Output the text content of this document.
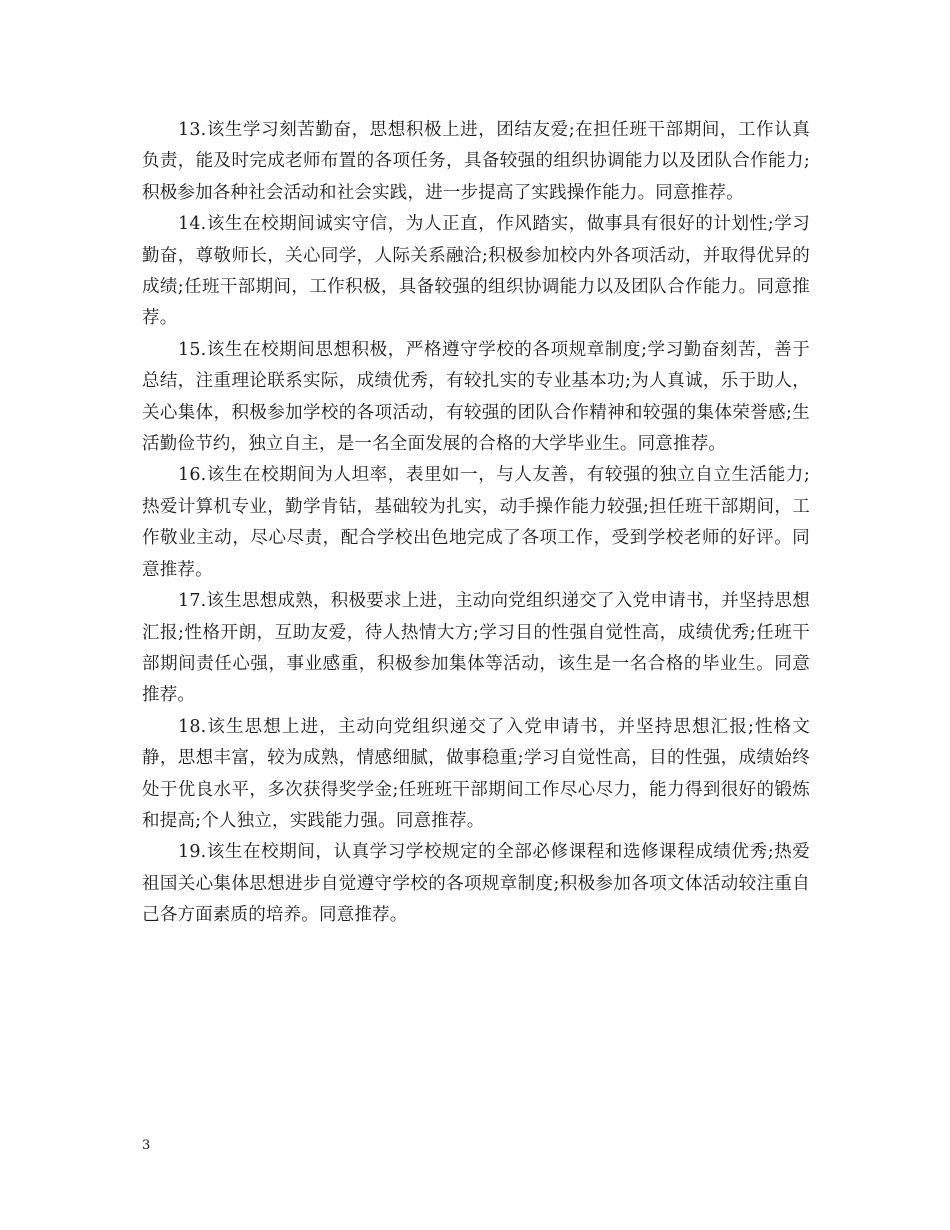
13.该生学习刻苦勤奋，思想积极上进，团结友爱;在担任班干部期间，工作认真负责，能及时完成老师布置的各项任务，具备较强的组织协调能力以及团队合作能力;积极参加各种社会活动和社会实践，进一步提高了实践操作能力。同意推荐。

14.该生在校期间诚实守信，为人正直，作风踏实，做事具有很好的计划性;学习勤奋，尊敬师长，关心同学，人际关系融洽;积极参加校内外各项活动，并取得优异的成绩;任班干部期间，工作积极，具备较强的组织协调能力以及团队合作能力。同意推荐。

15.该生在校期间思想积极，严格遵守学校的各项规章制度;学习勤奋刻苦，善于总结，注重理论联系实际，成绩优秀，有较扎实的专业基本功;为人真诚，乐于助人，关心集体，积极参加学校的各项活动，有较强的团队合作精神和较强的集体荣誉感;生活勤俭节约，独立自主，是一名全面发展的合格的大学毕业生。同意推荐。

16.该生在校期间为人坦率，表里如一，与人友善，有较强的独立自立生活能力;热爱计算机专业，勤学肯钻，基础较为扎实，动手操作能力较强;担任班干部期间，工作敬业主动，尽心尽责，配合学校出色地完成了各项工作，受到学校老师的好评。同意推荐。

17.该生思想成熟，积极要求上进，主动向党组织递交了入党申请书，并坚持思想汇报;性格开朗，互助友爱，待人热情大方;学习目的性强自觉性高，成绩优秀;任班干部期间责任心强，事业感重，积极参加集体等活动，该生是一名合格的毕业生。同意推荐。

18.该生思想上进，主动向党组织递交了入党申请书，并坚持思想汇报;性格文静，思想丰富，较为成熟，情感细腻，做事稳重;学习自觉性高，目的性强，成绩始终处于优良水平，多次获得奖学金;任班班干部期间工作尽心尽力，能力得到很好的锻炼和提高;个人独立，实践能力强。同意推荐。

19.该生在校期间，认真学习学校规定的全部必修课程和选修课程成绩优秀;热爱祖国关心集体思想进步自觉遵守学校的各项规章制度;积极参加各项文体活动较注重自己各方面素质的培养。同意推荐。

3
